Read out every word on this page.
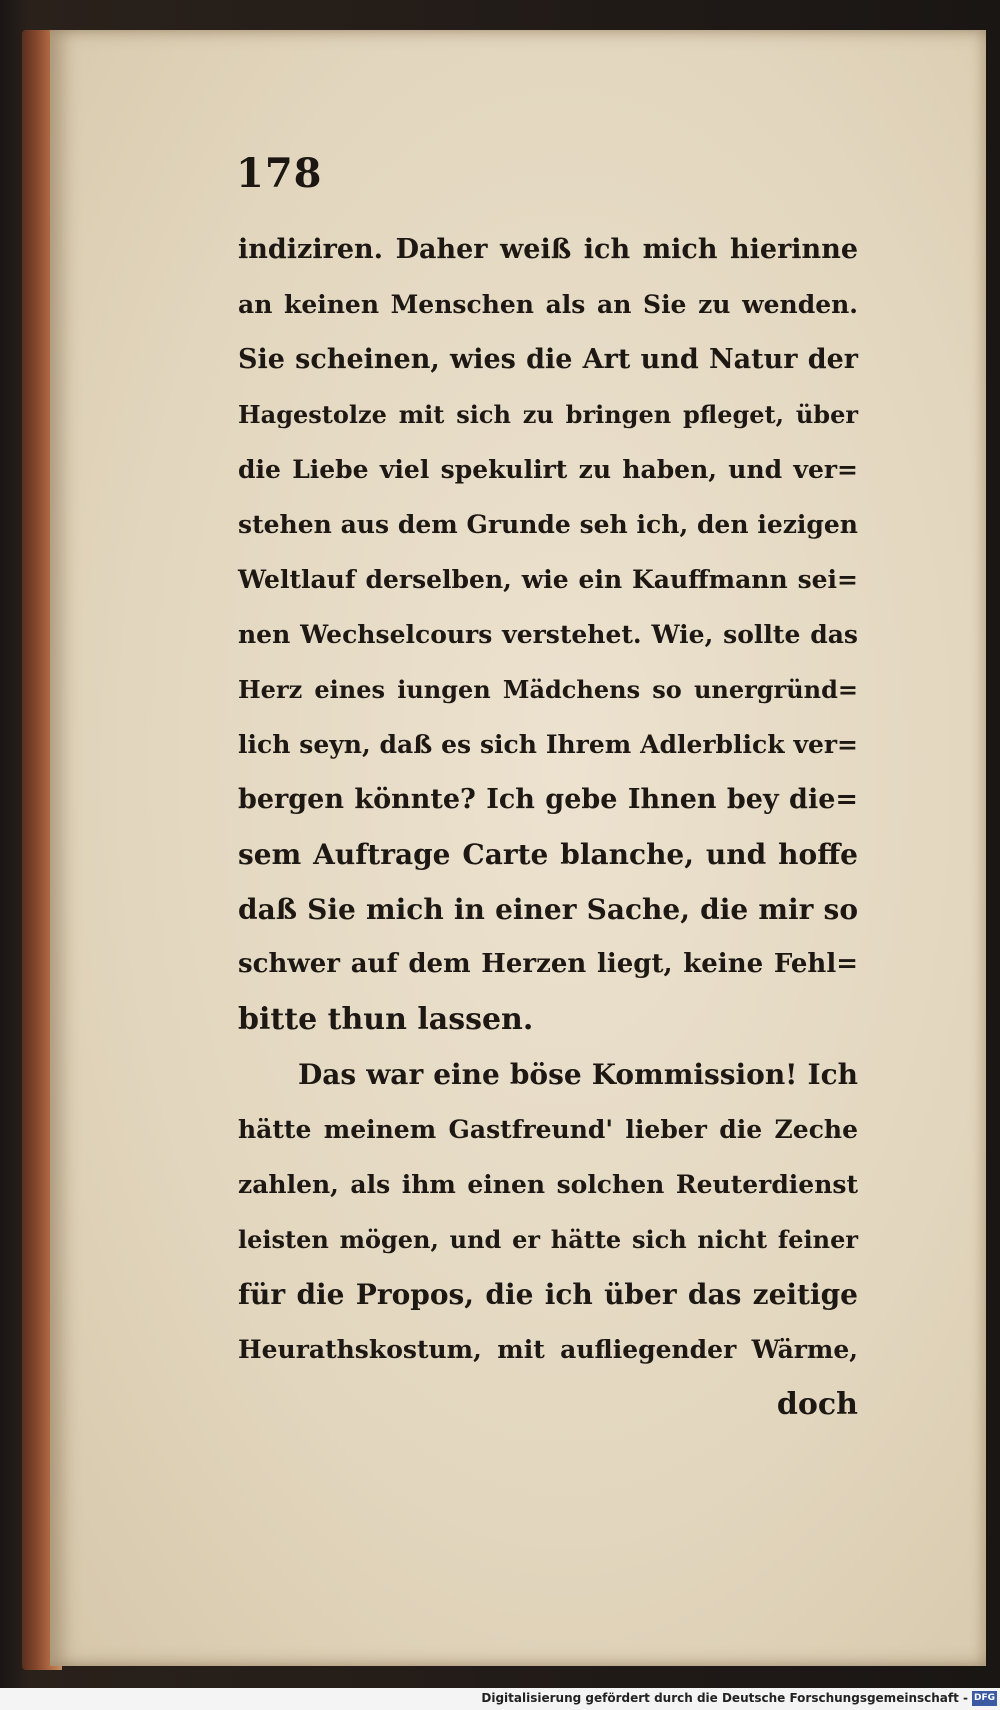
178
indiziren. Daher weiß ich mich hierinne
an keinen Menschen als an Sie zu wenden.
Sie scheinen, wies die Art und Natur der
Hagestolze mit sich zu bringen pfleget, über
die Liebe viel spekulirt zu haben, und ver=
stehen aus dem Grunde seh ich, den iezigen
Weltlauf derselben, wie ein Kauffmann sei=
nen Wechselcours verstehet. Wie, sollte das
Herz eines iungen Mädchens so unergründ=
lich seyn, daß es sich Ihrem Adlerblick ver=
bergen könnte? Ich gebe Ihnen bey die=
sem Auftrage Carte blanche, und hoffe
daß Sie mich in einer Sache, die mir so
schwer auf dem Herzen liegt, keine Fehl=
bitte thun lassen.
Das war eine böse Kommission! Ich
hätte meinem Gastfreund' lieber die Zeche
zahlen, als ihm einen solchen Reuterdienst
leisten mögen, und er hätte sich nicht feiner
für die Propos, die ich über das zeitige
Heurathskostum, mit aufliegender Wärme,
doch
Digitalisierung gefördert durch die Deutsche Forschungsgemeinschaft - DFG
